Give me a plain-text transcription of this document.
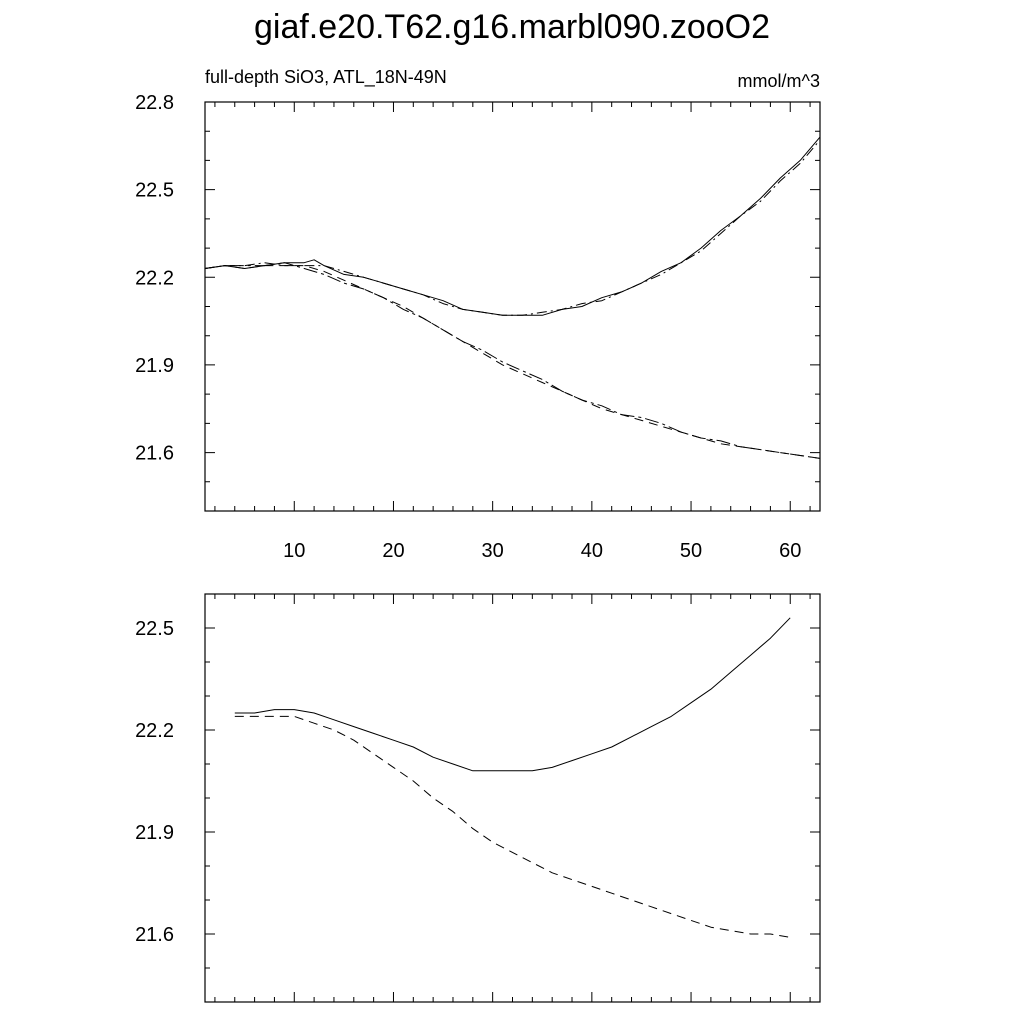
giaf.e20.T62.g16.marbl090.zooO2
full-depth SiO3, ATL_18N-49N	mmol/m^3
21.6
21.9
22.2
22.5
22.8
10	20	30	40	50	60
21.6
21.9
22.2
22.5
